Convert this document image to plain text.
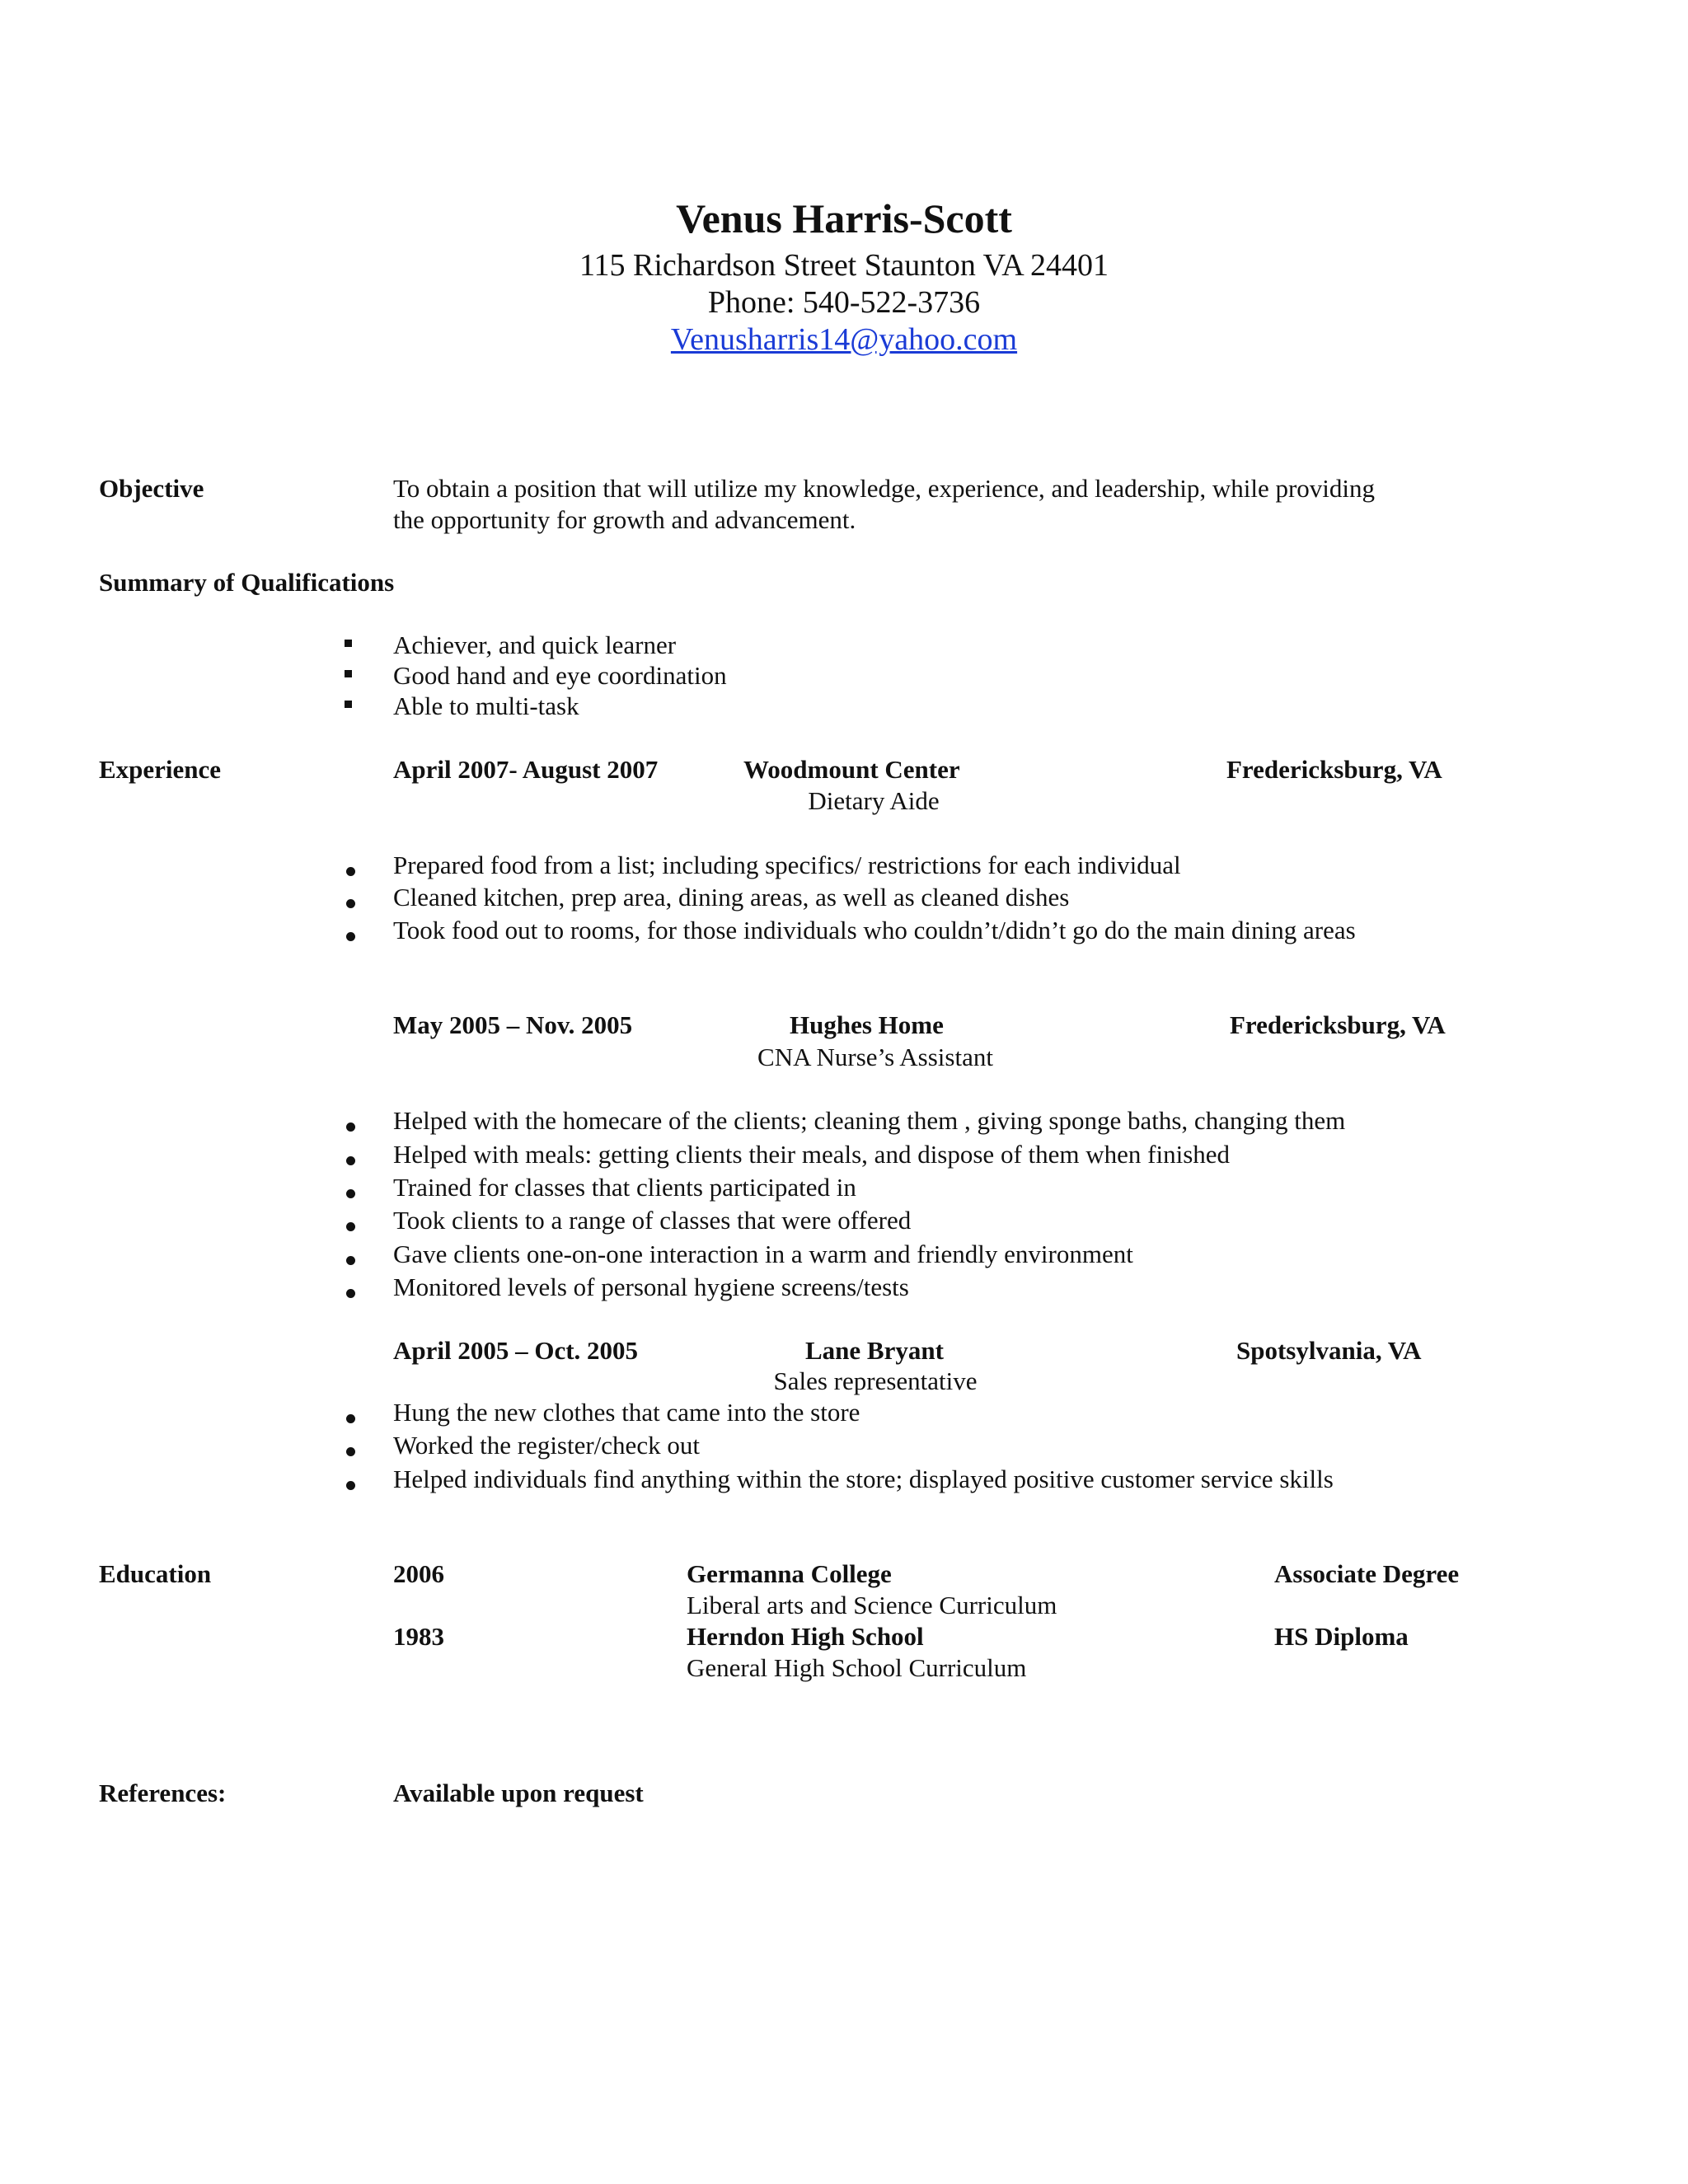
Venus Harris-Scott
115 Richardson Street Staunton VA 24401
Phone: 540-522-3736
Venusharris14@yahoo.com
Objective	To obtain a position that will utilize my knowledge, experience, and leadership, while providing
the opportunity for growth and advancement.
Summary of Qualifications
Achiever, and quick learner
Good hand and eye coordination
Able to multi-task
Experience	April 2007- August 2007	Woodmount Center	Fredericksburg, VA
Dietary Aide
Prepared food from a list; including specifics/ restrictions for each individual
Cleaned kitchen, prep area, dining areas, as well as cleaned dishes
Took food out to rooms, for those individuals who couldn’t/didn’t go do the main dining areas
May 2005 – Nov. 2005	Hughes Home	Fredericksburg, VA
CNA Nurse’s Assistant
Helped with the homecare of the clients; cleaning them , giving sponge baths, changing them
Helped with meals: getting clients their meals, and dispose of them when finished
Trained for classes that clients participated in
Took clients to a range of classes that were offered
Gave clients one-on-one interaction in a warm and friendly environment
Monitored levels of personal hygiene screens/tests
April 2005 – Oct. 2005	Lane Bryant	Spotsylvania, VA
Sales representative
Hung the new clothes that came into the store
Worked the register/check out
Helped individuals find anything within the store; displayed positive customer service skills
Education	2006	Germanna College	Associate Degree
Liberal arts and Science Curriculum
1983	Herndon High School	HS Diploma
General High School Curriculum
References:	Available upon request
